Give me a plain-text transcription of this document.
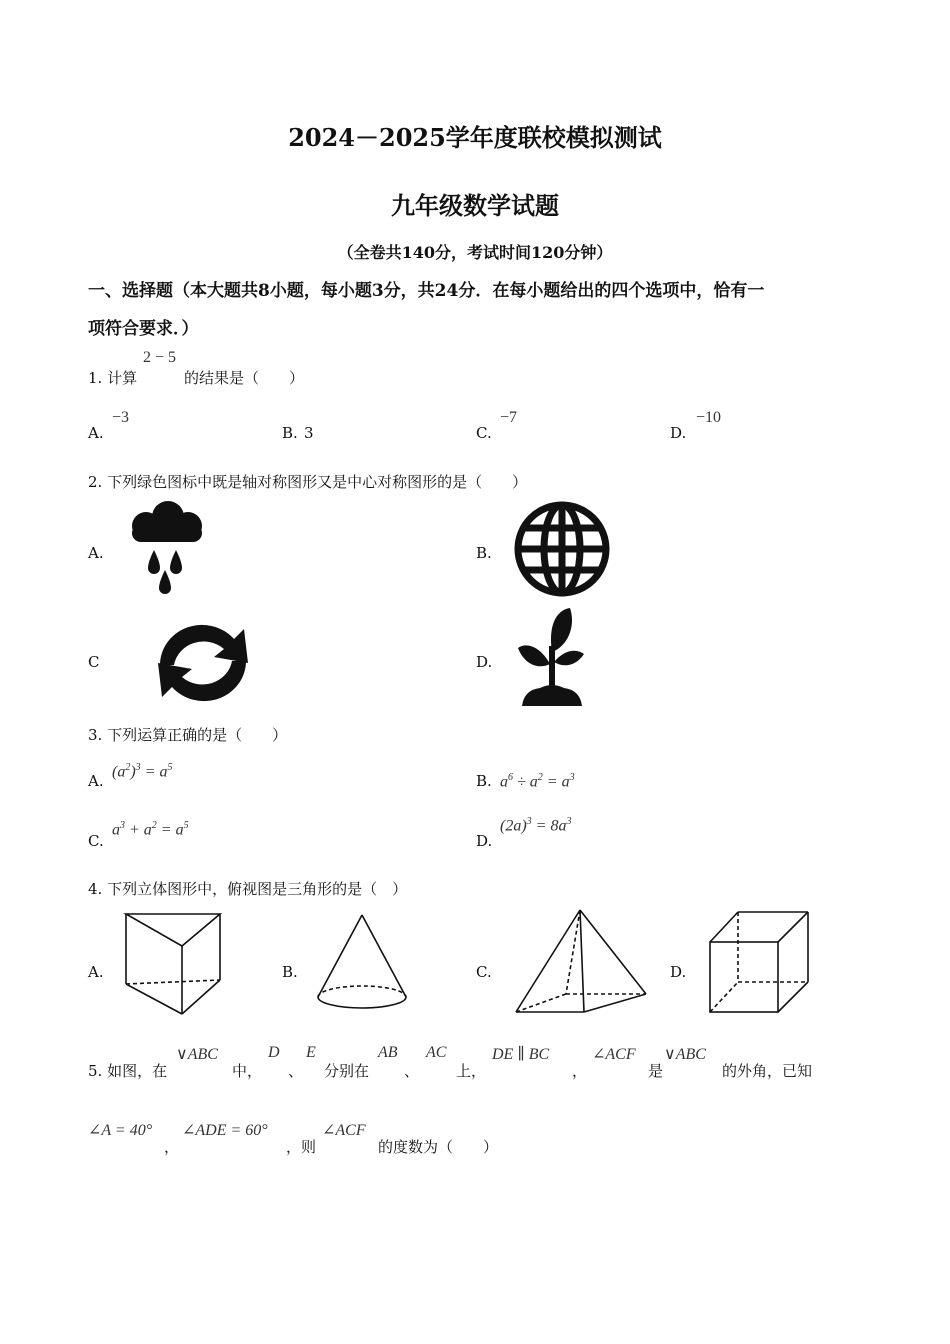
2024－2025学年度联校模拟测试
九年级数学试题
（全卷共140分，考试时间120分钟）
一、选择题（本大题共8小题，每小题3分，共24分．在每小题给出的四个选项中，恰有一
项符合要求．）
1. 计算
2 − 5
的结果是（　　）
A.
−3
B. 3	C.
−7
D.
−10
2. 下列绿色图标中既是轴对称图形又是中心对称图形的是（　　）
A.	B.
C	D.
3. 下列运算正确的是（　　）
A.
$(a^2)^3 = a^5$
B. $a^6 \div a^2 = a^3$
C.
$a^3 + a^2 = a^5$
D.
$(2a)^3 = 8a^3$
4. 下列立体图形中，俯视图是三角形的是（　）
A.	B.	C.	D.
5. 如图，在
∨ABC
中，
D
、
E
分别在
AB
、
AC
上，
DE ∥ BC
，
∠ACF
是
∨ABC
的外角，已知
∠A = 40°
，
∠ADE = 60°
，则
∠ACF
的度数为（　　）
